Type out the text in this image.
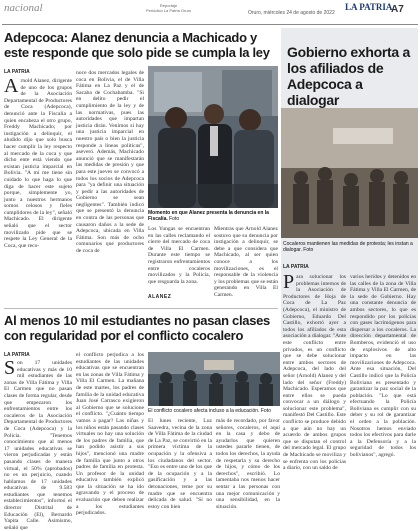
nacional	Reportaje
Periódico La Patria Oruro	Oruro, miércoles 24 de agosto de 2022
LA PATRIA
A7
Adepcoca: Alanez denuncia a Machicado y este responde que solo pide se cumpla la ley
LA PATRIA
A rnold Alanez, dirigente de uno de los grupos de la Asociación Departamental de Productores de Coca (Adepcoca), denunció ante la Fiscalía a quien encabeza el otro grupo, Freddy Machicado; por instigación a delinquir, el aludido dijo que solo busca hacer cumplir la ley respecto al mercado de la coca y que dicho ente está viendo que existan justicia imparcial en Bolivia. "A mí me tiene sin cuidado lo que haga lo que diga de hacer este sujeto porque, simplemente yo, junto a nuestros hermanos somos celosos y fieles cumplidores de la ley", señaló Machicado. El dirigente señaló que el sector movilizado pide que se respete la Ley General de la Coca, que reco-
noce dos mercados legales de coca en Bolivia, el de Villa Fátima en La Paz y el de Sacaba de Cochabamba. "Si en delito pedir el cumplimiento de la ley y de las normativas, pues las autoridades que impartan justicia dirán. Venimos si hay una justicia imparcial en nuestro país o bien la justicia responde a líneas políticas", aseveró. Además, Machicado anunció que se manifestarán las medidas de presión y que para este jueves se convocó a todos los socios de Adepcoca para "ya definir una situación y pedir a las autoridades de Gobierno se sean negligentes". También indicó que se presentó la denuncia en contra de las personas que causaron daños a la sede de Adepcoca, ubicada en Villa Fátima. Son más de ocho comunarios que productores de coca de
Momento en que Alanez presenta la denuncia en la Fiscalía. Foto
Los Yungas se encuentran en las calles reclamando el cierre del mercado de coca de Villa El Carmen. Durante este tiempo se registraron enfrentamientos entre cocaleros movilizados y la Policía, que resguarda la zona.
Mientras que Arnold Alanez sostuvo que su denuncia por instigación a delinquir, se debe a que considera que Machicado, al ser quien conoce a los movilizaciones, es el responsable de la violencia y los problemas que se están generando en Villa El Carmen.
ALANEZ
Gobierno exhorta a los afiliados de Adepcoca a dialogar
Cocaleros mantienen las medidas de protesta; les instan a dialogar. Foto
LA PATRIA
P ara solucionar los problemas internos de la Asociación de Productores de Hoja de Coca de La Paz (Adepcoca), el ministro de Gobierno, Eduardo Del Castillo, exhortó ayer a todos los afiliados de esta asociación a dialogar. "Ante este conflicto entre privados, es un conflicto que se debe solucionar entre ambos sectores de Adepcoca, del lado del señor (Arnold) Alanez y del lado del señor (Freddy) Machicado. Esperamos que entre ellos se pueda convocar a un diálogo y solucionar este problema", manifestó Del Castillo. Este conflicto se produce debido a que aún no hay un acuerdo de ambos grupos que se disputan el control del mercado legal. El grupo de Machicado se moviliza y se enfrenta con los policías a diario, con un saldo de
varios heridos y detenidos en las calles de la zona de Villa Fátima y Villa El Carmen, de la sede de Gobierno. Hay una constante denuncia de ambos sectores, lo que es respondido por los policías con gases lacrimógenos para dispersar a los cocaleros. La dirección departamental de Bomberos, evidenció el uso de explosivos de alto impacto en las movilizaciones de Adepcoca. Ante esa situación, Del Castillo indicó que la Policía Boliviana es presentado y garantizar la paz social de la población. "Lo que está efectuando la Policía Boliviana es cumplir con su deber y su rol de garantizar el orden a la población. Nosotros hemos enviado todos los efectivos para darle a la Defensoría y a la seguridad de todos los bolivianos", agregó.
Al menos 10 mil estudiantes no pasan clases con regularidad por el conflicto cocalero
LA PATRIA
S on 17 unidades educativas y más de 10 mil estudiantes de las zonas de Villa Fátima y Villa El Carmen que no pasan clases de forma regular, desde que empezaron los enfrentamientos entre los cocaleros de la Asociación Departamental de Productores de Coca (Adepcoca) y la Policía. "Tenemos conocimiento que al menos 17 unidades educativas se vieron perjudicadas y están pasando clases de manera virtual, el 50% (aprobados) no es un perjuicio, cuando hablamos de 17 unidades educativas de 9.583 estudiantes que tenemos establecimientos", informó el director Distrital de Educación (El), Bernardo Yapita Calle. Asimismo, señaló que
el conflicto perjudica a los estudiantes de las unidades educativas que se encuentran en las zonas de Villa Fátima y Villa El Carmen. La mañana de este martes, los padres de familia de la unidad educativa Juan José Carrasco exigieron al Gobierno que se solucione el conflicto. "¿Cuánto tiempo vamos a pagar? Las niñas y los niños están pasando clases virtuales no hay una solución de los padres de familia, que han podido asistir a sus hijos", mencionó una madre de familia que junto a otros padres de familia en protesta. Un profesor de la unidad educativa también explicó que la situación se ha ido agravando y el proceso de evaluación que deben realizar a los estudiantes perjudicados.
El conflicto cocalero afecta incluso a la educación. Foto
El lunes reciente, Luz Saavedra, vecina de la zona de Villa Fátima de la ciudad de La Paz, se convirtió en la primera víctima de la ocupación y la ofensiva a los ciudadanos del sector. "Eso es entre uno de los que de la ocupación y a la gasificación y a las detonaciones, teme por su madre que se encuentra delicada de salud. "Sí no estoy con bien
más de recordado, por favor señores, cocaleros, el aquí en la casa y debo de ayudarlos que quieren ustedes pararle tienen, de todos los derechos, la ayuda de respetarla y su derecho de hijos, y cómo de los derechos", escribió. Lo lamentaba nos menos hacer sentar a las personas con una mejor comunicación y una sensibilidad, en la situación.
